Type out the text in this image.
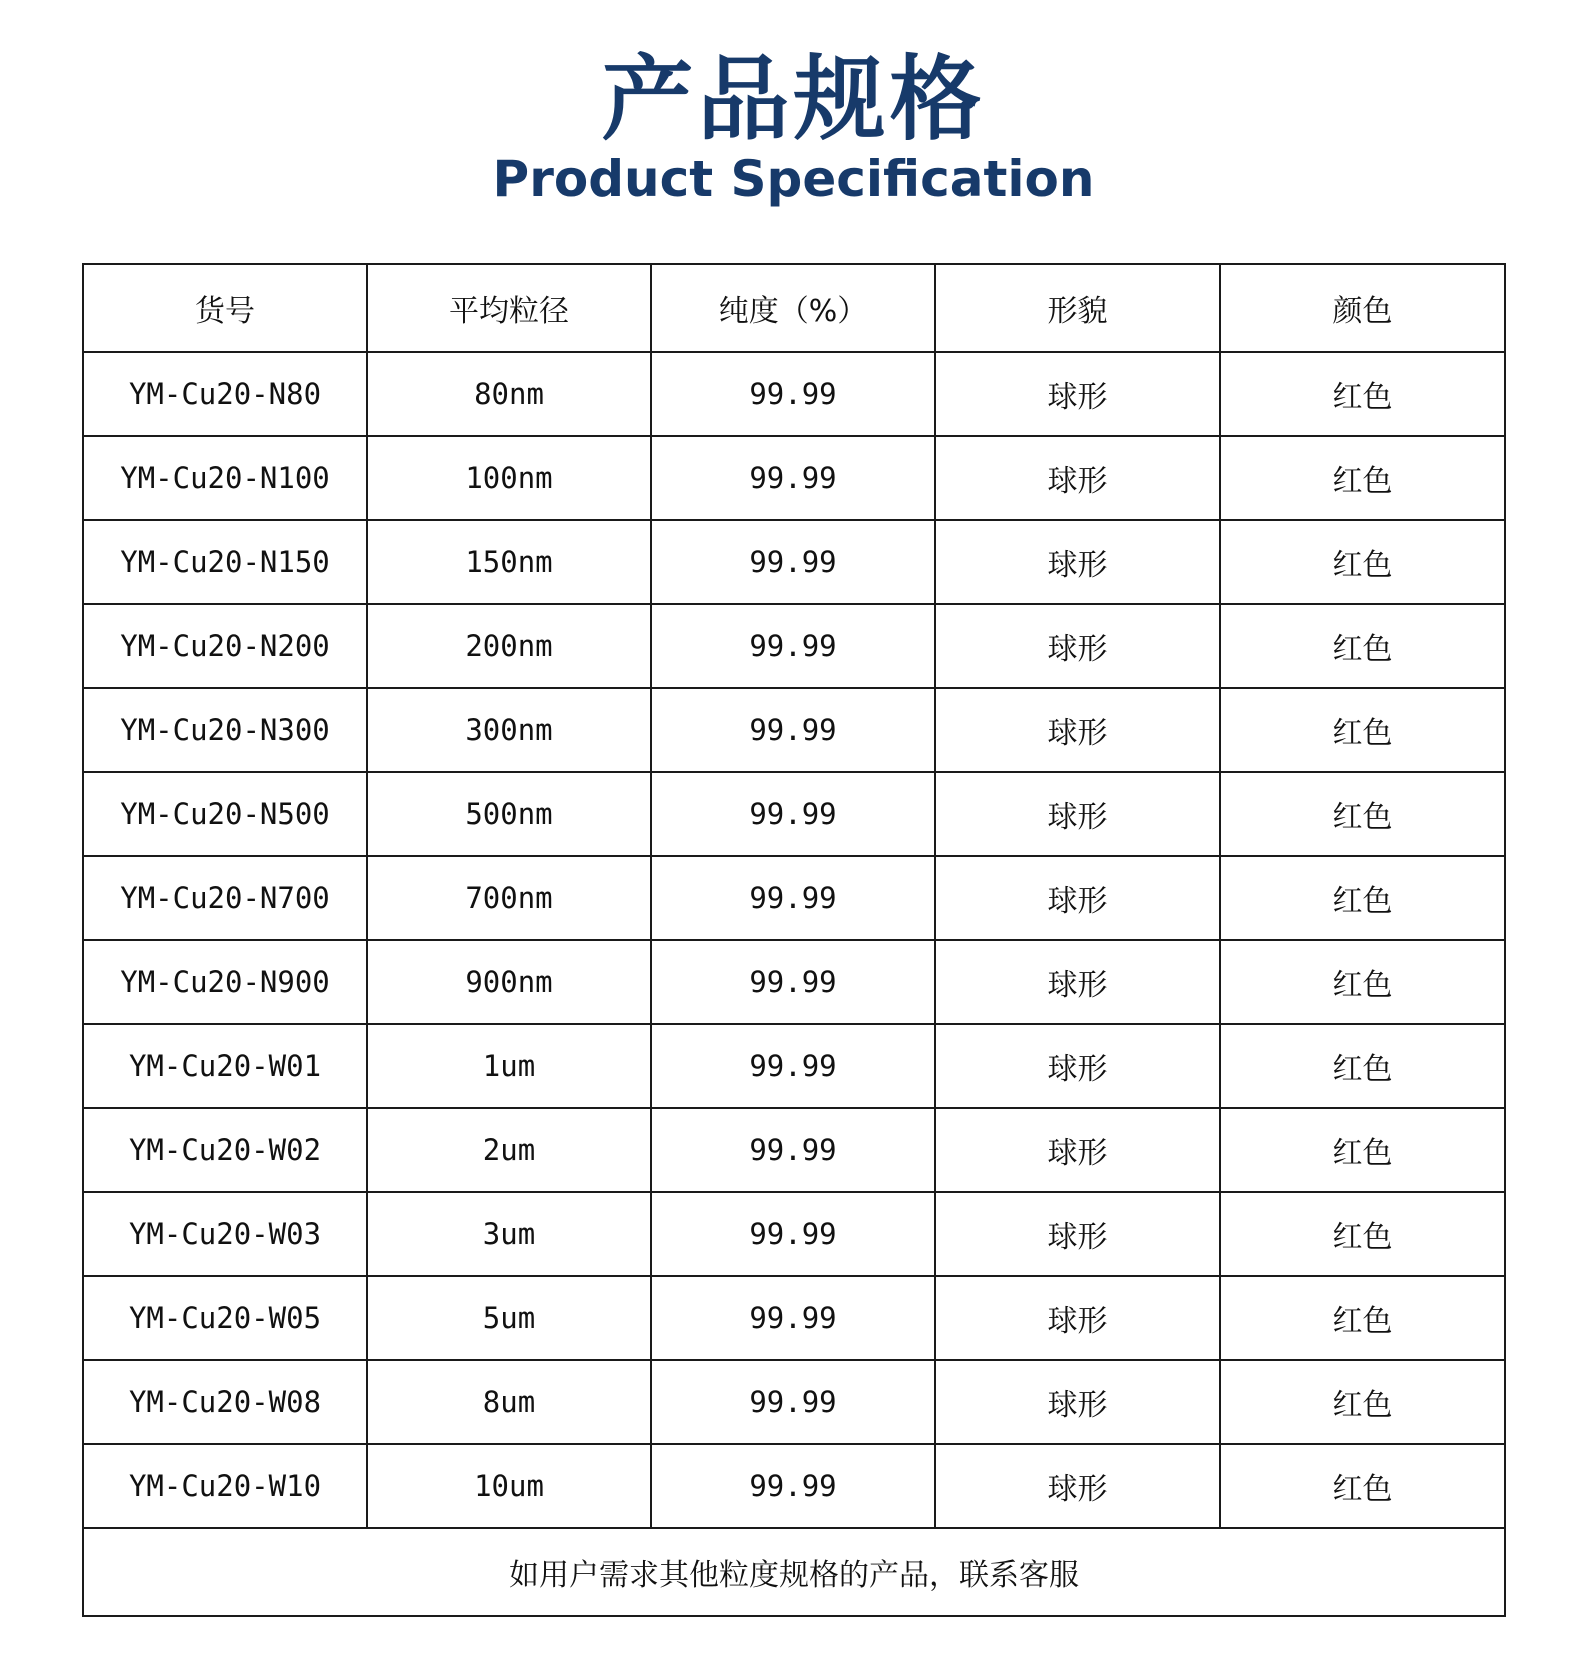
产品规格
Product Specification
货号	平均粒径	纯度（%）	形貌	颜色
YM-Cu20-N80	80nm	99.99	球形	红色
YM-Cu20-N100	100nm	99.99	球形	红色
YM-Cu20-N150	150nm	99.99	球形	红色
YM-Cu20-N200	200nm	99.99	球形	红色
YM-Cu20-N300	300nm	99.99	球形	红色
YM-Cu20-N500	500nm	99.99	球形	红色
YM-Cu20-N700	700nm	99.99	球形	红色
YM-Cu20-N900	900nm	99.99	球形	红色
YM-Cu20-W01	1um	99.99	球形	红色
YM-Cu20-W02	2um	99.99	球形	红色
YM-Cu20-W03	3um	99.99	球形	红色
YM-Cu20-W05	5um	99.99	球形	红色
YM-Cu20-W08	8um	99.99	球形	红色
YM-Cu20-W10	10um	99.99	球形	红色
如用户需求其他粒度规格的产品，联系客服				
